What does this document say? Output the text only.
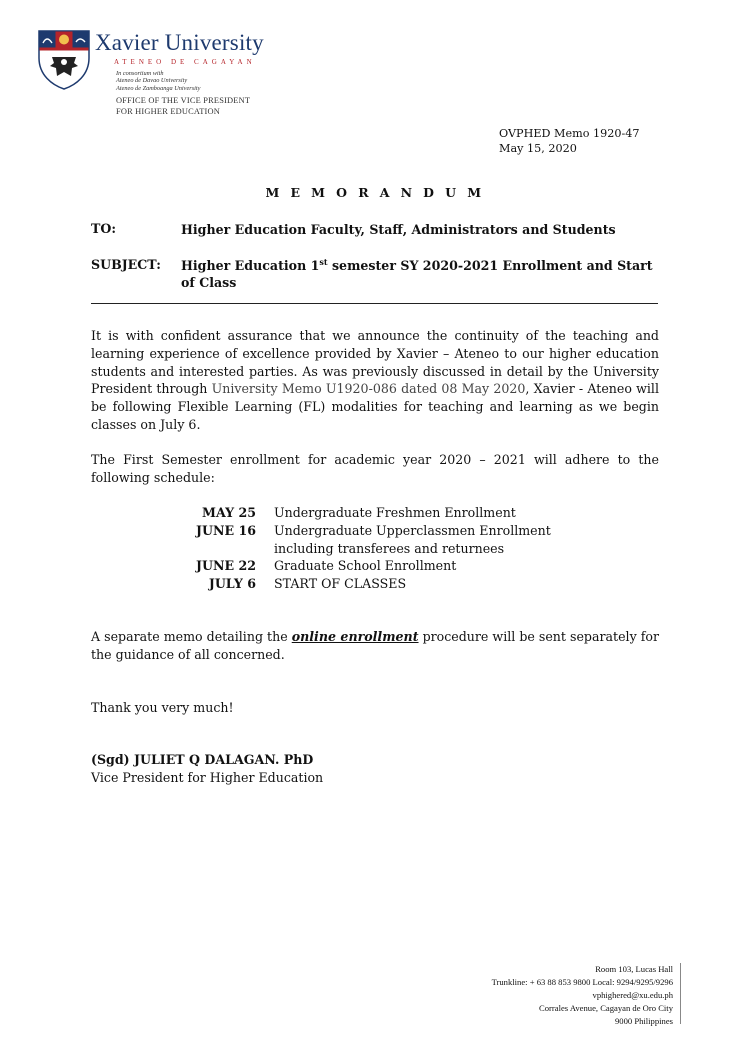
Xavier University
ATENEO DE CAGAYAN
In consortium with
Ateneo de Davao University
Ateneo de Zamboanga University
OFFICE OF THE VICE PRESIDENT
FOR HIGHER EDUCATION
OVPHED Memo 1920-47
May 15, 2020
M E M O R A N D U M
TO:	Higher Education Faculty, Staff, Administrators and Students
SUBJECT: Higher Education 1st semester SY 2020-2021 Enrollment and Start of Class
It is with confident assurance that we announce the continuity of the teaching and learning experience of excellence provided by Xavier – Ateneo to our higher education students and interested parties. As was previously discussed in detail by the University President through University Memo U1920-086 dated 08 May 2020, Xavier - Ateneo will be following Flexible Learning (FL) modalities for teaching and learning as we begin classes on July 6.
The First Semester enrollment for academic year 2020 – 2021 will adhere to the following schedule:
MAY 25 Undergraduate Freshmen Enrollment
JUNE 16 Undergraduate Upperclassmen Enrollment
including transferees and returnees
JUNE 22 Graduate School Enrollment
JULY 6 START OF CLASSES
A separate memo detailing the online enrollment procedure will be sent separately for the guidance of all concerned.
Thank you very much!
(Sgd) JULIET Q DALAGAN. PhD
Vice President for Higher Education
Room 103, Lucas Hall
Trunkline: + 63 88 853 9800 Local: 9294/9295/9296
vphighered@xu.edu.ph
Corrales Avenue, Cagayan de Oro City
9000 Philippines
